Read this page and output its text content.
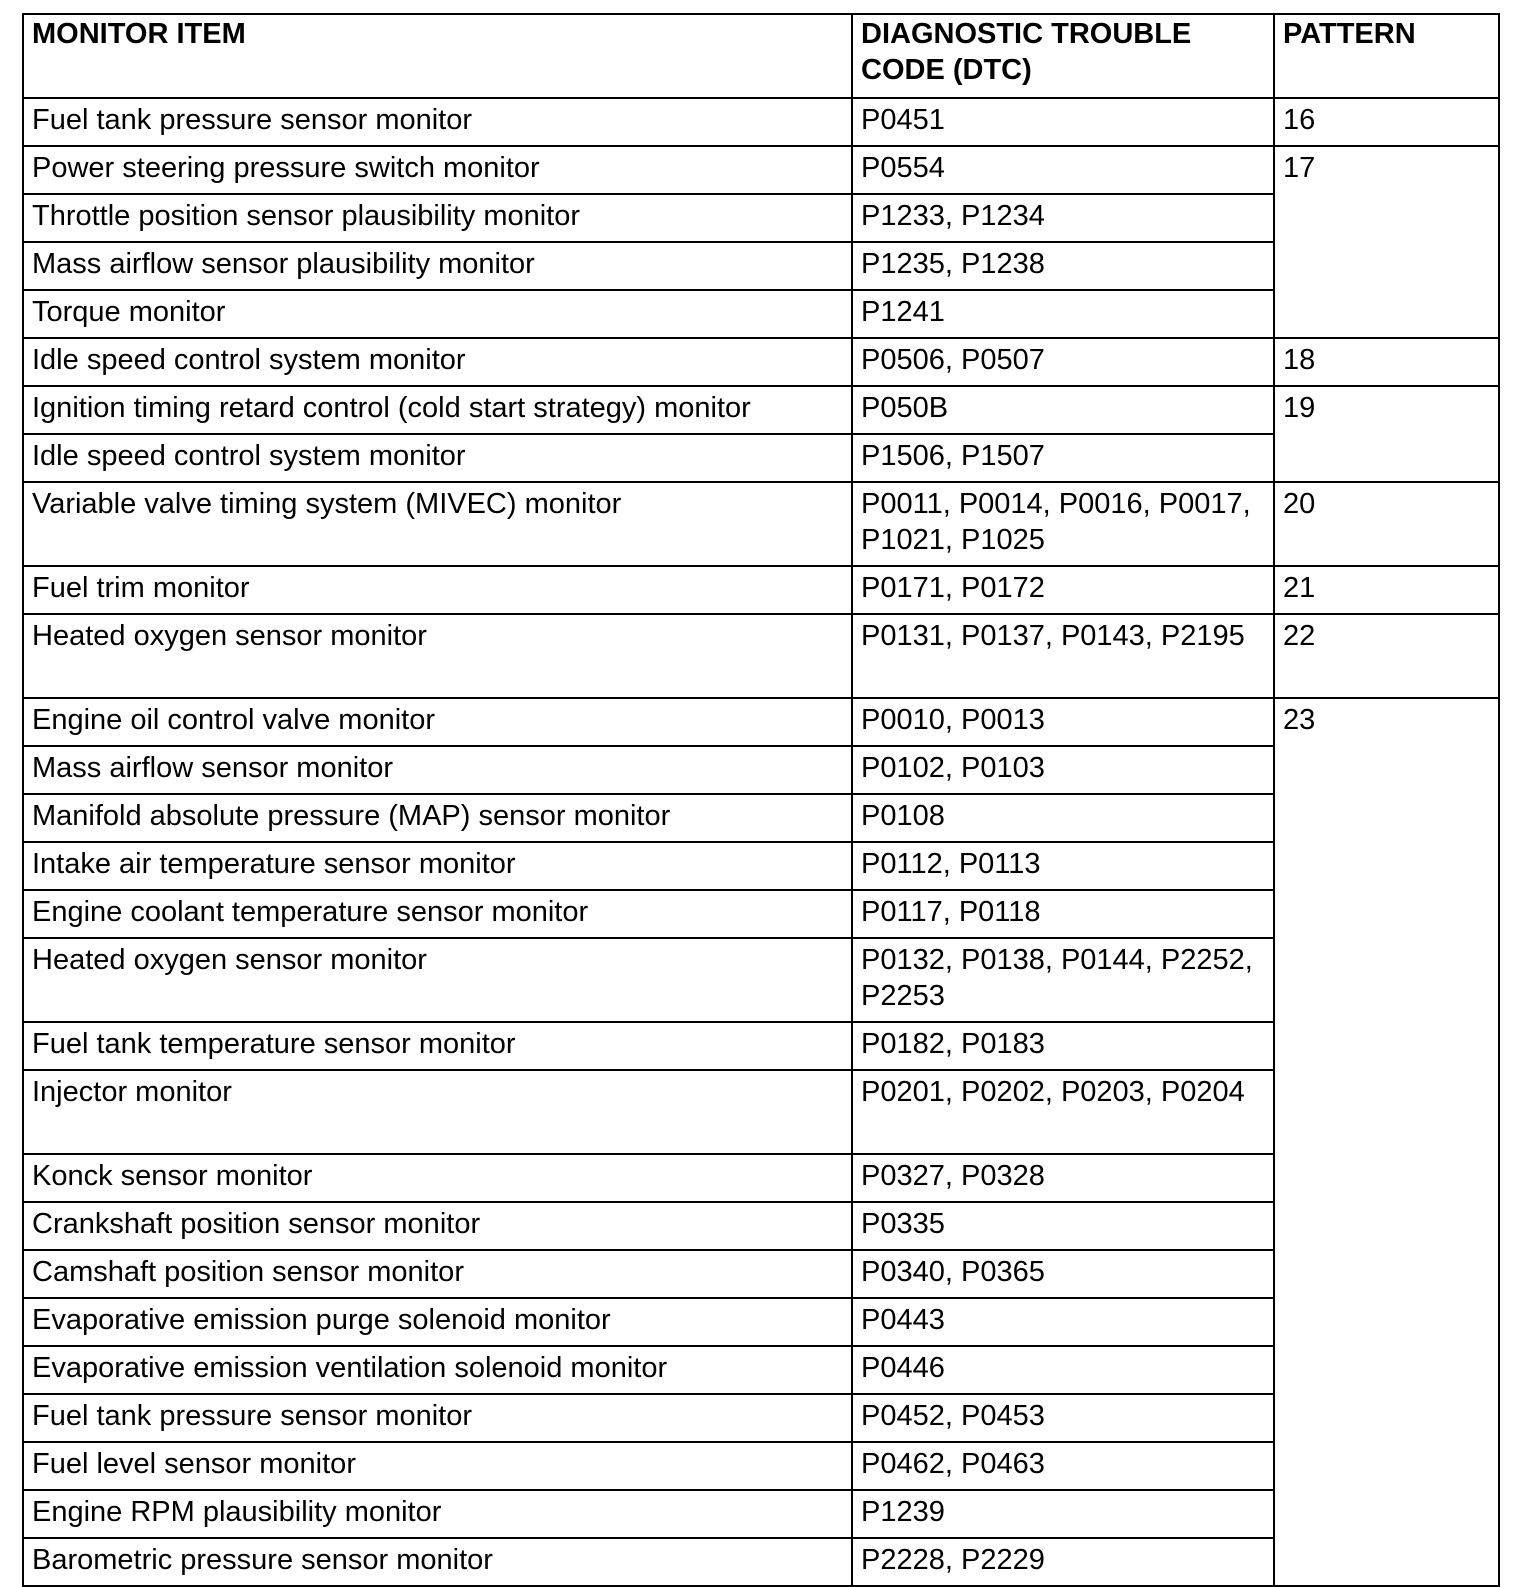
MONITOR ITEM	DIAGNOSTIC TROUBLE CODE (DTC)	PATTERN
Fuel tank pressure sensor monitor	P0451	16
Power steering pressure switch monitor	P0554	17
Throttle position sensor plausibility monitor	P1233, P1234	
Mass airflow sensor plausibility monitor	P1235, P1238	
Torque monitor	P1241	
Idle speed control system monitor	P0506, P0507	18
Ignition timing retard control (cold start strategy) monitor	P050B	19
Idle speed control system monitor	P1506, P1507	
Variable valve timing system (MIVEC) monitor	P0011, P0014, P0016, P0017, P1021, P1025	20
Fuel trim monitor	P0171, P0172	21
Heated oxygen sensor monitor	P0131, P0137, P0143, P2195	22
Engine oil control valve monitor	P0010, P0013	23
Mass airflow sensor monitor	P0102, P0103	
Manifold absolute pressure (MAP) sensor monitor	P0108	
Intake air temperature sensor monitor	P0112, P0113	
Engine coolant temperature sensor monitor	P0117, P0118	
Heated oxygen sensor monitor	P0132, P0138, P0144, P2252, P2253	
Fuel tank temperature sensor monitor	P0182, P0183	
Injector monitor	P0201, P0202, P0203, P0204	
Konck sensor monitor	P0327, P0328	
Crankshaft position sensor monitor	P0335	
Camshaft position sensor monitor	P0340, P0365	
Evaporative emission purge solenoid monitor	P0443	
Evaporative emission ventilation solenoid monitor	P0446	
Fuel tank pressure sensor monitor	P0452, P0453	
Fuel level sensor monitor	P0462, P0463	
Engine RPM plausibility monitor	P1239	
Barometric pressure sensor monitor	P2228, P2229	
